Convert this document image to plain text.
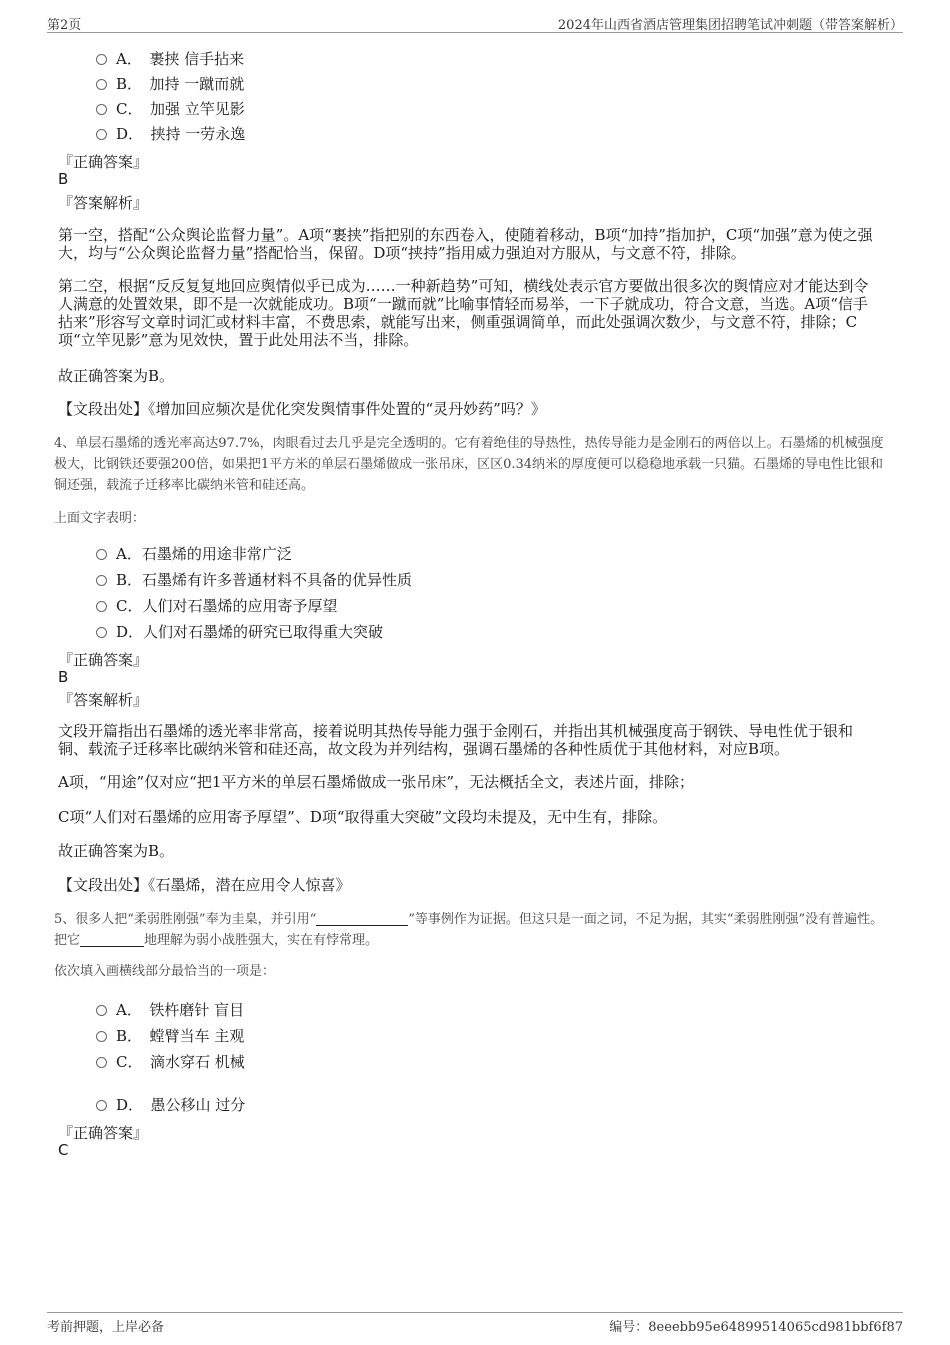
第2页	2024年山西省酒店管理集团招聘笔试冲刺题（带答案解析）
A．　裹挟 信手拈来
B．　加持 一蹴而就
C．　加强 立竿见影
D．　挟持 一劳永逸
『正确答案』
B
『答案解析』
第一空，搭配“公众舆论监督力量”。A项“裹挟”指把别的东西卷入，使随着移动，B项“加持”指加护，C项“加强”意为使之强大，均与“公众舆论监督力量”搭配恰当，保留。D项“挟持”指用威力强迫对方服从，与文意不符，排除。
第二空，根据“反反复复地回应舆情似乎已成为……一种新趋势”可知，横线处表示官方要做出很多次的舆情应对才能达到令人满意的处置效果，即不是一次就能成功。B项“一蹴而就”比喻事情轻而易举，一下子就成功，符合文意，当选。A项“信手拈来”形容写文章时词汇或材料丰富，不费思索，就能写出来，侧重强调简单，而此处强调次数少，与文意不符，排除；C项“立竿见影”意为见效快，置于此处用法不当，排除。
故正确答案为B。
【文段出处】《增加回应频次是优化突发舆情事件处置的“灵丹妙药”吗？》
4、单层石墨烯的透光率高达97.7%，肉眼看过去几乎是完全透明的。它有着绝佳的导热性，热传导能力是金刚石的两倍以上。石墨烯的机械强度极大，比钢铁还要强200倍，如果把1平方米的单层石墨烯做成一张吊床，区区0.34纳米的厚度便可以稳稳地承载一只猫。石墨烯的导电性比银和铜还强，载流子迁移率比碳纳米管和硅还高。
上面文字表明：
A．石墨烯的用途非常广泛
B．石墨烯有许多普通材料不具备的优异性质
C．人们对石墨烯的应用寄予厚望
D．人们对石墨烯的研究已取得重大突破
『正确答案』
B
『答案解析』
文段开篇指出石墨烯的透光率非常高，接着说明其热传导能力强于金刚石，并指出其机械强度高于钢铁、导电性优于银和铜、载流子迁移率比碳纳米管和硅还高，故文段为并列结构，强调石墨烯的各种性质优于其他材料，对应B项。
A项，“用途”仅对应“把1平方米的单层石墨烯做成一张吊床”，无法概括全文，表述片面，排除；
C项“人们对石墨烯的应用寄予厚望”、D项“取得重大突破”文段均未提及，无中生有，排除。
故正确答案为B。
【文段出处】《石墨烯，潜在应用令人惊喜》
5、很多人把“柔弱胜刚强”奉为圭臬，并引用“	”等事例作为证据。但这只是一面之词，不足为据，其实“柔弱胜刚强”没有普遍性。把它	地理解为弱小战胜强大，实在有悖常理。
依次填入画横线部分最恰当的一项是：
A．　铁杵磨针 盲目
B．　螳臂当车 主观
C．　滴水穿石 机械
D．　愚公移山 过分
『正确答案』
C
考前押题，上岸必备	编号：8eeebb95e64899514065cd981bbf6f87
